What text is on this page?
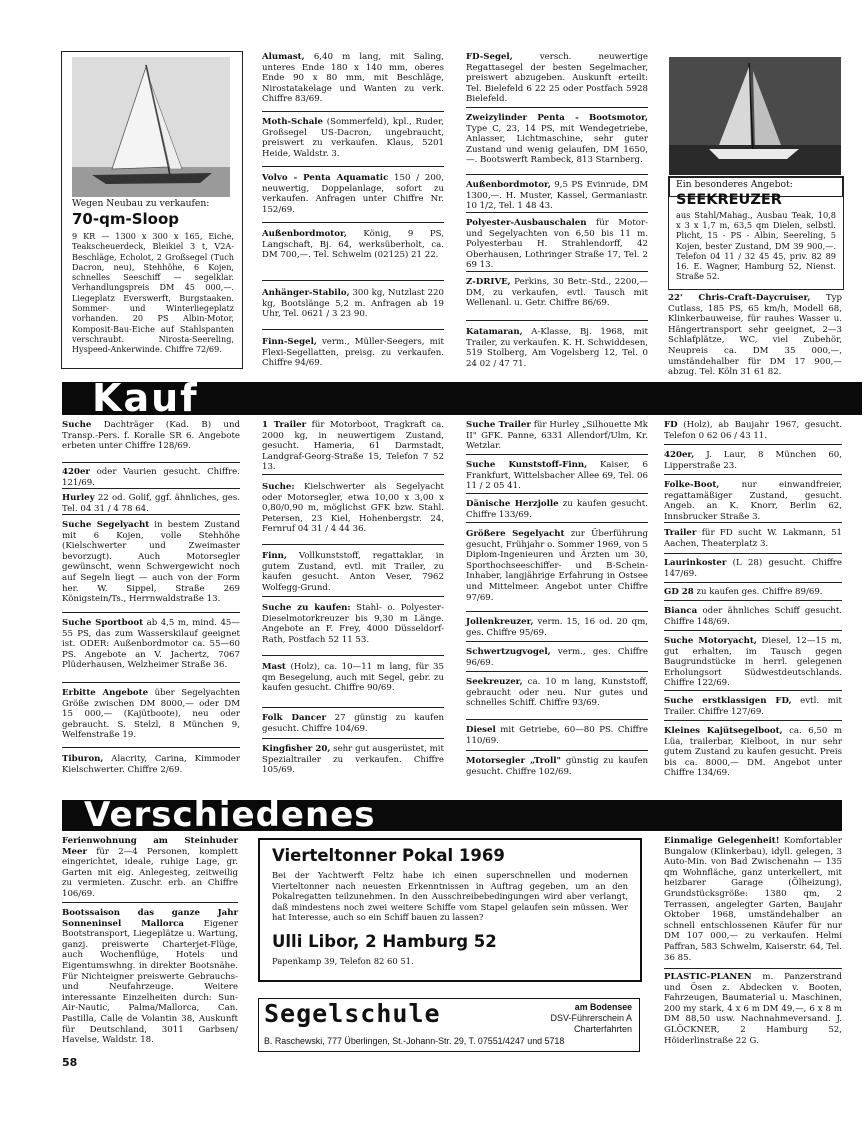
Wegen Neubau zu verkaufen:
70-qm-Sloop
9 KR — 1300 x 300 x 165, Eiche, Teakscheuerdeck, Bleikiel 3 t, V2A-Beschläge, Echolot, 2 Großsegel (Tuch Dacron, neu), Stehhöhe, 6 Kojen, schnelles Seeschiff — segelklar. Verhandlungspreis DM 45 000,—. Liegeplatz Everswerft, Burgstaaken. Sommer- und Winterliegeplatz vorhanden. 20 PS Albin-Motor, Komposit-Bau-Eiche auf Stahlspanten verschraubt. Nirosta-Seereling, Hyspeed-Ankerwinde. Chiffre 72/69.
Alumast, 6,40 m lang, mit Saling, unteres Ende 180 x 140 mm, oberes Ende 90 x 80 mm, mit Beschläge, Nirostatakelage und Wanten zu verk. Chiffre 83/69.
Moth-Schale (Sommerfeld), kpl., Ruder, Großsegel US-Dacron, ungebraucht, preiswert zu verkaufen. Klaus, 5201 Heide, Waldstr. 3.
Volvo - Penta Aquamatic 150 / 200, neuwertig, Doppelanlage, sofort zu verkaufen. Anfragen unter Chiffre Nr. 152/69.
Außenbordmotor, König, 9 PS, Langschaft, Bj. 64, werksüberholt, ca. DM 700,—. Tel. Schwelm (02125) 21 22.
Anhänger-Stabilo, 300 kg, Nutzlast 220 kg, Bootslänge 5,2 m. Anfragen ab 19 Uhr, Tel. 0621 / 3 23 90.
Finn-Segel, verm., Müller-Seegers, mit Flexi-Segellatten, preisg. zu verkaufen. Chiffre 94/69.
FD-Segel, versch. neuwertige Regattasegel der besten Segelmacher, preiswert abzugeben. Auskunft erteilt: Tel. Bielefeld 6 22 25 oder Postfach 5928 Bielefeld.
Zweizylinder Penta - Bootsmotor, Type C, 23, 14 PS, mit Wendegetriebe, Anlasser, Lichtmaschine, sehr guter Zustand und wenig gelaufen, DM 1650,—. Bootswerft Rambeck, 813 Starnberg.
Außenbordmotor, 9,5 PS Evinrude, DM 1300,—. H. Muster, Kassel, Germaniastr. 10 1/2, Tel. 1 48 43.
Polyester-Ausbauschalen für Motor- und Segelyachten von 6,50 bis 11 m. Polyesterbau H. Strahlendorff, 42 Oberhausen, Lothringer Straße 17, Tel. 2 69 13.
Z-DRIVE, Perkins, 30 Betr.-Std., 2200,— DM, zu verkaufen, evtl. Tausch mit Wellenanl. u. Getr. Chiffre 86/69.
Katamaran, A-Klasse, Bj. 1968, mit Trailer, zu verkaufen. K. H. Schwiddesen, 519 Stolberg, Am Vogelsberg 12, Tel. 0 24 02 / 47 71.
Ein besonderes Angebot:
SEEKREUZER
aus Stahl/Mahag., Ausbau Teak, 10,8 x 3 x 1,7 m, 63,5 qm Dielen, selbstl. Plicht, 15 - PS - Albin, Seereling, 5 Kojen, bester Zustand, DM 39 900,—. Telefon 04 11 / 32 45 45, priv. 82 89 16. E. Wagner, Hamburg 52, Nienst. Straße 52.
22' Chris-Craft-Daycruiser, Typ Cutlass, 185 PS, 65 km/h, Modell 68, Klinkerbauweise, für rauhes Wasser u. Hängertransport sehr geeignet, 2—3 Schlafplätze, WC, viel Zubehör, Neupreis ca. DM 35 000,—, umständehalber für DM 17 900,— abzug. Tel. Köln 31 61 82.
Kauf
Suche Dachträger (Kad. B) und Transp.-Pers. f. Koralle SR 6. Angebote erbeten unter Chiffre 128/69.
420er oder Vaurien gesucht. Chiffre. 121/69.
Hurley 22 od. Golif, ggf. ähnliches, ges. Tel. 04 31 / 4 78 64.
Suche Segelyacht in bestem Zustand mit 6 Kojen, volle Stehhöhe (Kielschwerter und Zweimaster bevorzugt). Auch Motorsegler gewünscht, wenn Schwergewicht noch auf Segeln liegt — auch von der Form her. W. Sippel, Straße 269 Königstein/Ts., Herrnwaldstraße 13.
Suche Sportboot ab 4,5 m, mind. 45—55 PS, das zum Wasserskilauf geeignet ist. ODER: Außenbordmotor ca. 55—60 PS. Angebote an V. Jachertz, 7067 Plüderhausen, Welzheimer Straße 36.
Erbitte Angebote über Segelyachten Größe zwischen DM 8000,— oder DM 15 000,— (Kajütboote), neu oder gebraucht. S. Stelzl, 8 München 9, Welfenstraße 19.
Tiburon, Alacrity, Carina, Kimmoder Kielschwerter. Chiffre 2/69.
1 Trailer für Motorboot, Tragkraft ca. 2000 kg, in neuwertigem Zustand, gesucht. Hameria, 61 Darmstadt, Landgraf-Georg-Straße 15, Telefon 7 52 13.
Suche: Kielschwerter als Segelyacht oder Motorsegler, etwa 10,00 x 3,00 x 0,80/0,90 m, möglichst GFK bzw. Stahl. Petersen, 23 Kiel, Hohenbergstr. 24, Fernruf 04 31 / 4 44 36.
Finn, Vollkunststoff, regattaklar, in gutem Zustand, evtl. mit Trailer, zu kaufen gesucht. Anton Veser, 7962 Wolfegg-Grund.
Suche zu kaufen: Stahl- o. Polyester-Dieselmotorkreuzer bis 9,30 m Länge. Angebote an F. Frey, 4000 Düsseldorf-Rath, Postfach 52 11 53.
Mast (Holz), ca. 10—11 m lang, für 35 qm Besegelung, auch mit Segel, gebr. zu kaufen gesucht. Chiffre 90/69.
Folk Dancer 27 günstig zu kaufen gesucht. Chiffre 104/69.
Kingfisher 20, sehr gut ausgerüstet, mit Spezialtrailer zu verkaufen. Chiffre 105/69.
Suche Trailer für Hurley „Silhouette Mk II" GFK. Panne, 6331 Allendorf/Ulm, Kr. Wetzlar.
Suche Kunststoff-Finn, Kaiser, 6 Frankfurt, Wittelsbacher Allee 69, Tel. 06 11 / 2 05 41.
Dänische Herzjolle zu kaufen gesucht. Chiffre 133/69.
Größere Segelyacht zur Überführung gesucht, Frühjahr o. Sommer 1969, von 5 Diplom-Ingenieuren und Ärzten um 30, Sporthochseeschiffer- und B-Schein-Inhaber, langjährige Erfahrung in Ostsee und Mittelmeer. Angebot unter Chiffre 97/69.
Jollenkreuzer, verm. 15, 16 od. 20 qm, ges. Chiffre 95/69.
Schwertzugvogel, verm., ges. Chiffre 96/69.
Seekreuzer, ca. 10 m lang, Kunststoff, gebraucht oder neu. Nur gutes und schnelles Schiff. Chiffre 93/69.
Diesel mit Getriebe, 60—80 PS. Chiffre 110/69.
Motorsegler „Troll" günstig zu kaufen gesucht. Chiffre 102/69.
FD (Holz), ab Baujahr 1967, gesucht. Telefon 0 62 06 / 43 11.
420er, J. Laur, 8 München 60, Lipperstraße 23.
Folke-Boot, nur einwandfreier, regattamäßiger Zustand, gesucht. Angeb. an K. Knorr, Berlin 62, Innsbrucker Straße 3.
Trailer für FD sucht W. Lakmann, 51 Aachen, Theaterplatz 3.
Laurinkoster (L 28) gesucht. Chiffre 147/69.
GD 28 zu kaufen ges. Chiffre 89/69.
Bianca oder ähnliches Schiff gesucht. Chiffre 148/69.
Suche Motoryacht, Diesel, 12—15 m, gut erhalten, im Tausch gegen Baugrundstücke in herrl. gelegenen Erholungsort Südwestdeutschlands. Chiffre 122/69.
Suche erstklassigen FD, evtl. mit Trailer. Chiffre 127/69.
Kleines Kajütsegelboot, ca. 6,50 m Lüa, trailerbar, Kielboot, in nur sehr gutem Zustand zu kaufen gesucht. Preis bis ca. 8000,— DM. Angebot unter Chiffre 134/69.
Verschiedenes
Ferienwohnung am Steinhuder Meer für 2—4 Personen, komplett eingerichtet, ideale, ruhige Lage, gr. Garten mit eig. Anlegesteg, zeitweilig zu vermieten. Zuschr. erb. an Chiffre 106/69.
Bootssaison das ganze Jahr Sonneninsel Mallorca Eigener Bootstransport, Liegeplätze u. Wartung, ganzj. preiswerte Charterjet-Flüge, auch Wochenflüge, Hotels und Eigentumswhng. in direkter Bootsnähe. Für Nichteigner preiswerte Gebrauchs- und Neufahrzeuge. Weitere interessante Einzelheiten durch: Sun-Air-Nautic, Palma/Mallorca, Can. Pastilla, Calle de Volantin 38, Auskunft für Deutschland, 3011 Garbsen/ Havelse, Waldstr. 18.
Vierteltonner Pokal 1969
Bei der Yachtwerft Feltz habe ich einen superschnellen und modernen Vierteltonner nach neuesten Erkenntnissen in Auftrag gegeben, um an den Pokalregatten teilzunehmen. In den Ausschreibebedingungen wird aber verlangt, daß mindestens noch zwei weitere Schiffe vom Stapel gelaufen sein müssen. Wer hat Interesse, auch so ein Schiff bauen zu lassen?
Ulli Libor, 2 Hamburg 52
Papenkamp 39, Telefon 82 60 51.
Segelschule	am Bodensee
DSV-Führerschein A
Charterfahrten
B. Raschewski, 777 Überlingen, St.-Johann-Str. 29, T. 07551/4247 und 5718
Einmalige Gelegenheit! Komfortabler Bungalow (Klinkerbau), idyll. gelegen, 3 Auto-Min. von Bad Zwischenahn — 135 qm Wohnfläche, ganz unterkellert, mit heizbarer Garage (Ölheizung), Grundstücksgröße: 1380 qm, 2 Terrassen, angelegter Garten, Baujahr Oktober 1968, umständehalber an schnell entschlossenen Käufer für nur DM 107 000,— zu verkaufen. Helmi Paffran, 583 Schwelm, Kaiserstr. 64, Tel. 36 85.
PLASTIC-PLANEN m. Panzerstrand und Ösen z. Abdecken v. Booten, Fahrzeugen, Baumaterial u. Maschinen, 200 my stark, 4 x 6 m DM 49,—, 6 x 8 m DM 88,50 usw. Nachnahmeversand. J. GLÖCKNER, 2 Hamburg 52, Höiderlinstraße 22 G.
58
